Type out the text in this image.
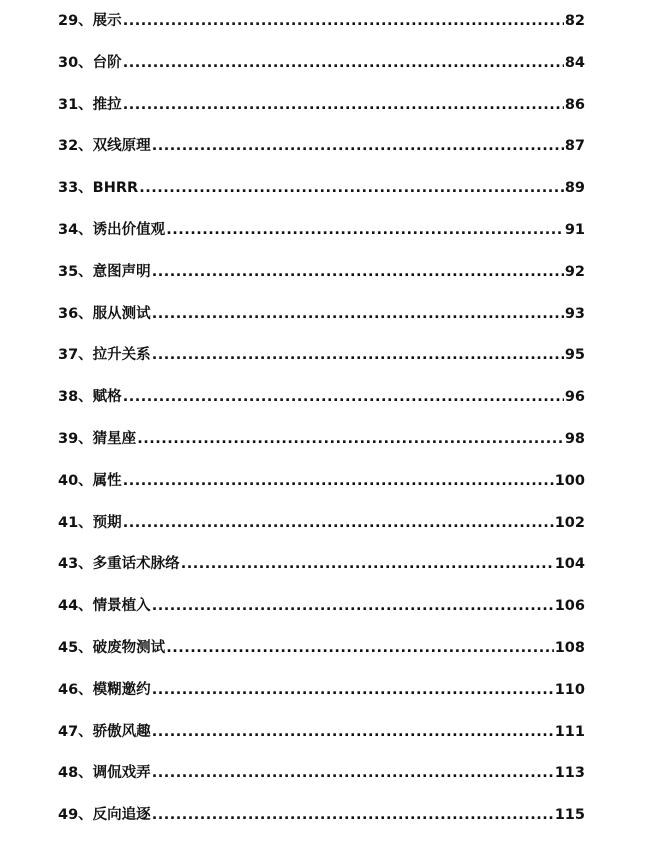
29、展示 .....	82
30、台阶 .....	84
31、推拉 .....	86
32、双线原理 .....	87
33、BHRR .....	89
34、诱出价值观 .....	91
35、意图声明 .....	92
36、服从测试 .....	93
37、拉升关系 .....	95
38、赋格 .....	96
39、猜星座 .....	98
40、属性 .....	100
41、预期 .....	102
43、多重话术脉络 .....	104
44、情景植入 .....	106
45、破废物测试 .....	108
46、模糊邀约 .....	110
47、骄傲风趣 .....	111
48、调侃戏弄 .....	113
49、反向追逐 .....	115
